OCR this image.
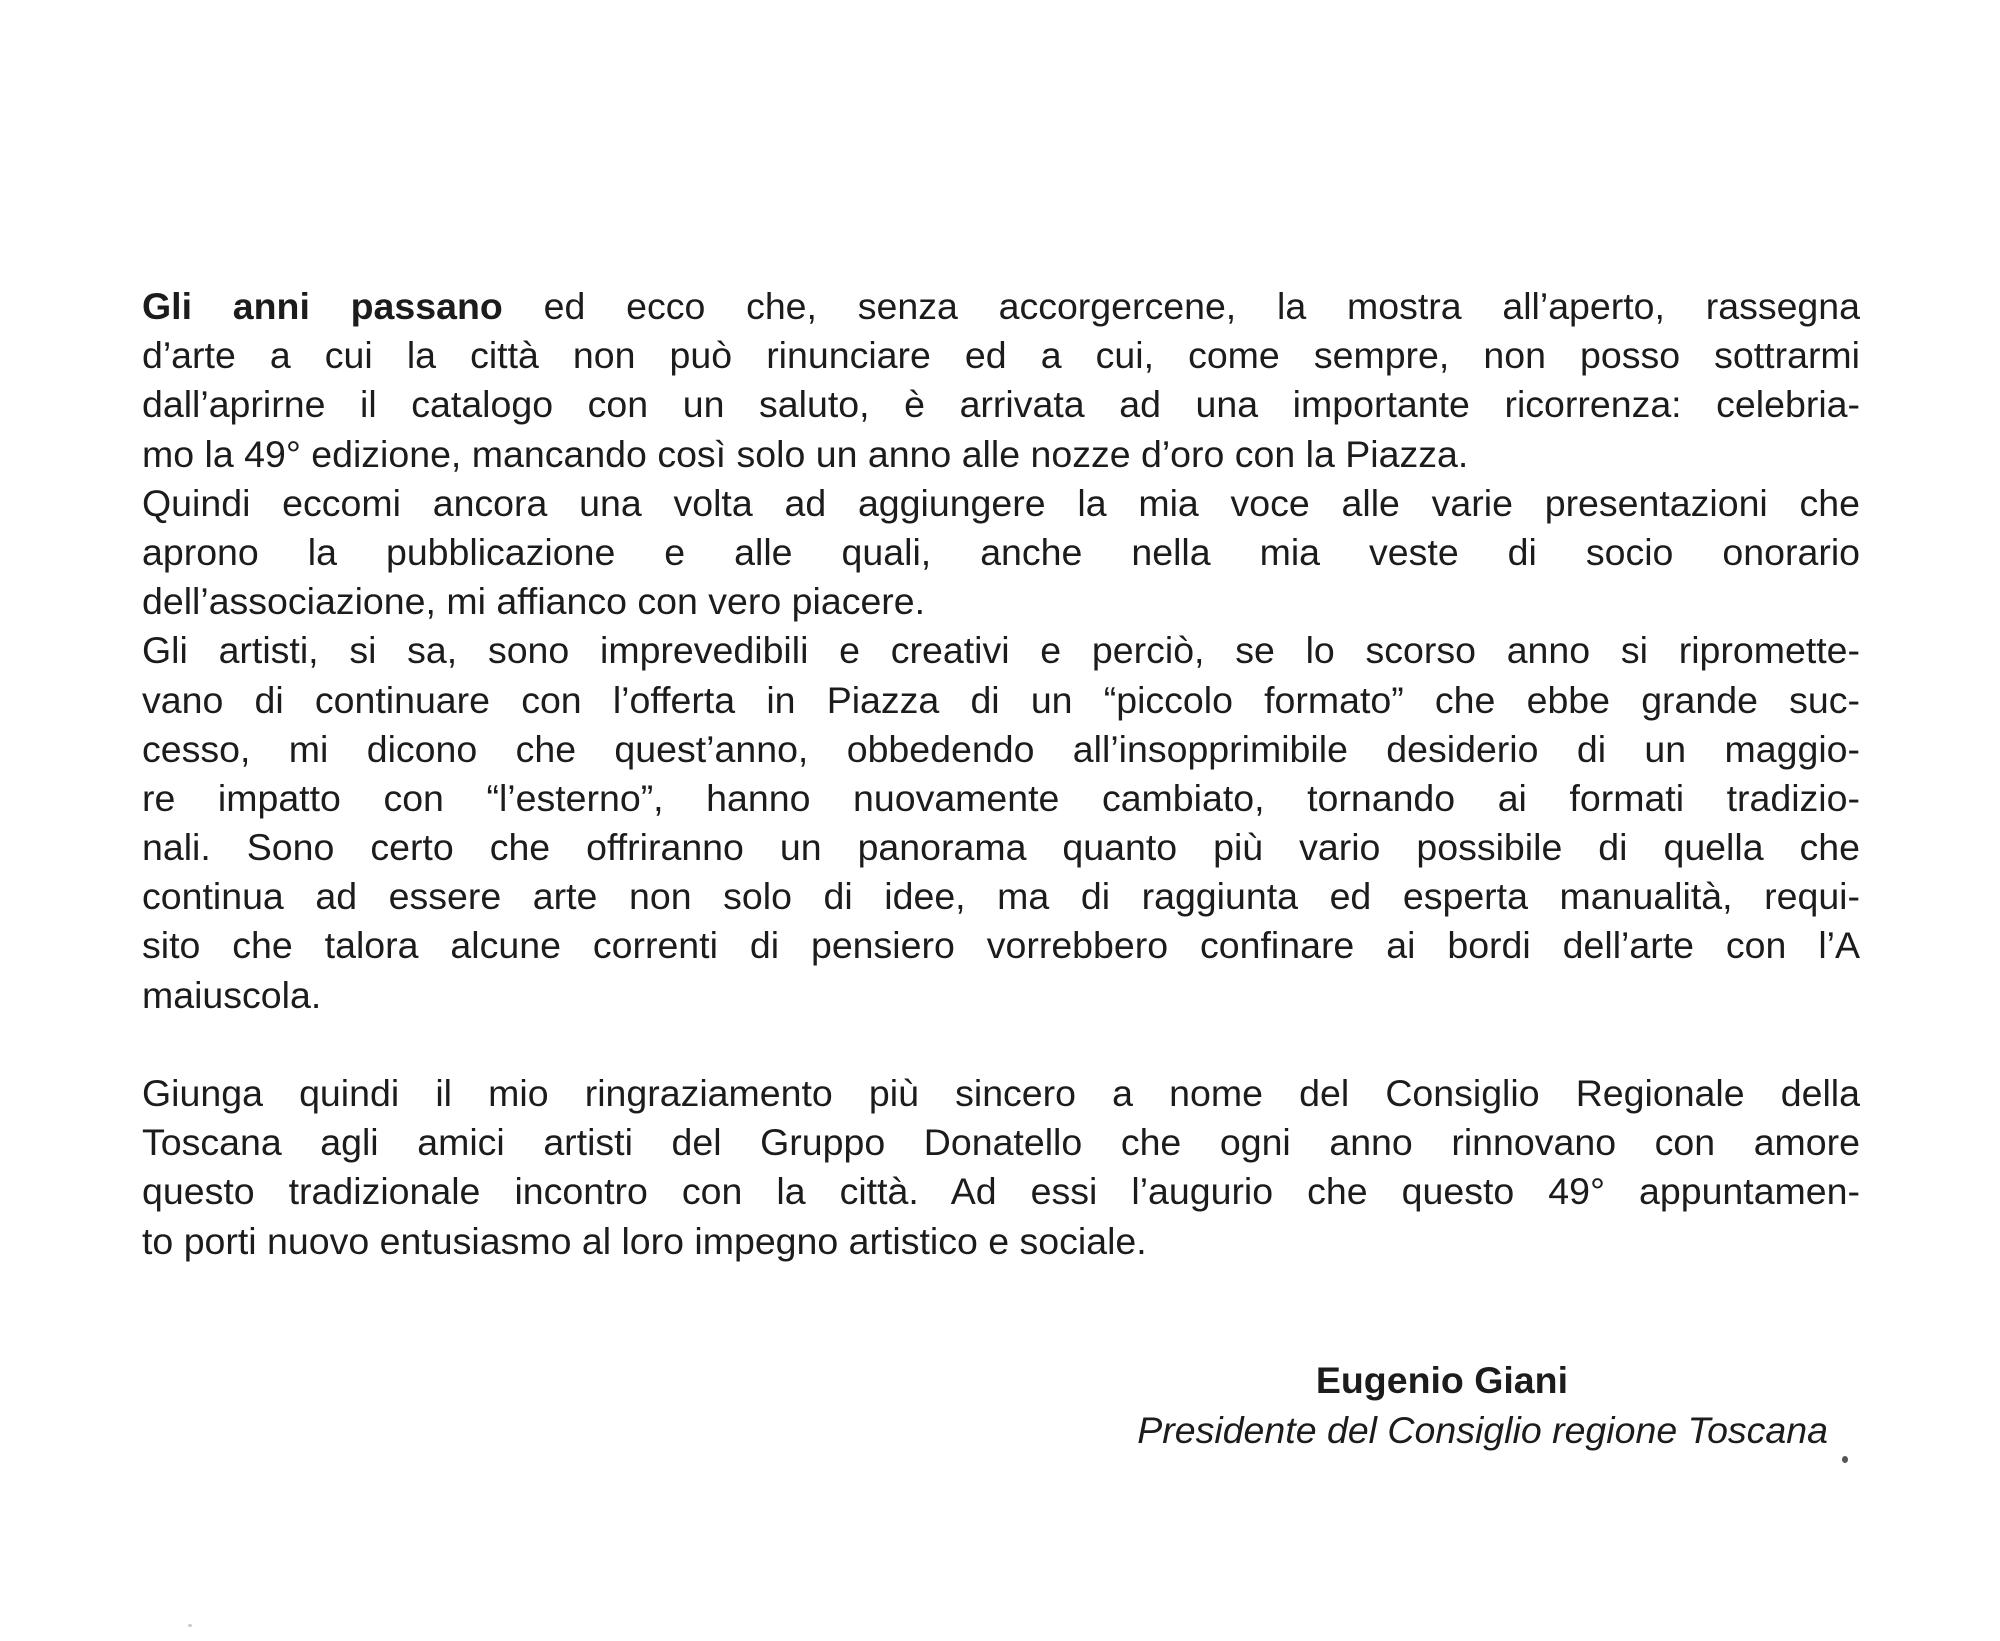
Gli anni passano ed ecco che, senza accorgercene, la mostra all’aperto, rassegna
d’arte a cui la città non può rinunciare ed a cui, come sempre, non posso sottrarmi
dall’aprirne il catalogo con un saluto, è arrivata ad una importante ricorrenza: celebria-
mo la 49° edizione, mancando così solo un anno alle nozze d’oro con la Piazza.
Quindi eccomi ancora una volta ad aggiungere la mia voce alle varie presentazioni che
aprono la pubblicazione e alle quali, anche nella mia veste di socio onorario
dell’associazione, mi affianco con vero piacere.
Gli artisti, si sa, sono imprevedibili e creativi e perciò, se lo scorso anno si ripromette-
vano di continuare con l’offerta in Piazza di un “piccolo formato” che ebbe grande suc-
cesso, mi dicono che quest’anno, obbedendo all’insopprimibile desiderio di un maggio-
re impatto con “l’esterno”, hanno nuovamente cambiato, tornando ai formati tradizio-
nali. Sono certo che offriranno un panorama quanto più vario possibile di quella che
continua ad essere arte non solo di idee, ma di raggiunta ed esperta manualità, requi-
sito che talora alcune correnti di pensiero vorrebbero confinare ai bordi dell’arte con l’A
maiuscola.
Giunga quindi il mio ringraziamento più sincero a nome del Consiglio Regionale della
Toscana agli amici artisti del Gruppo Donatello che ogni anno rinnovano con amore
questo tradizionale incontro con la città. Ad essi l’augurio che questo 49° appuntamen-
to porti nuovo entusiasmo al loro impegno artistico e sociale.
Eugenio Giani
Presidente del Consiglio regione Toscana
